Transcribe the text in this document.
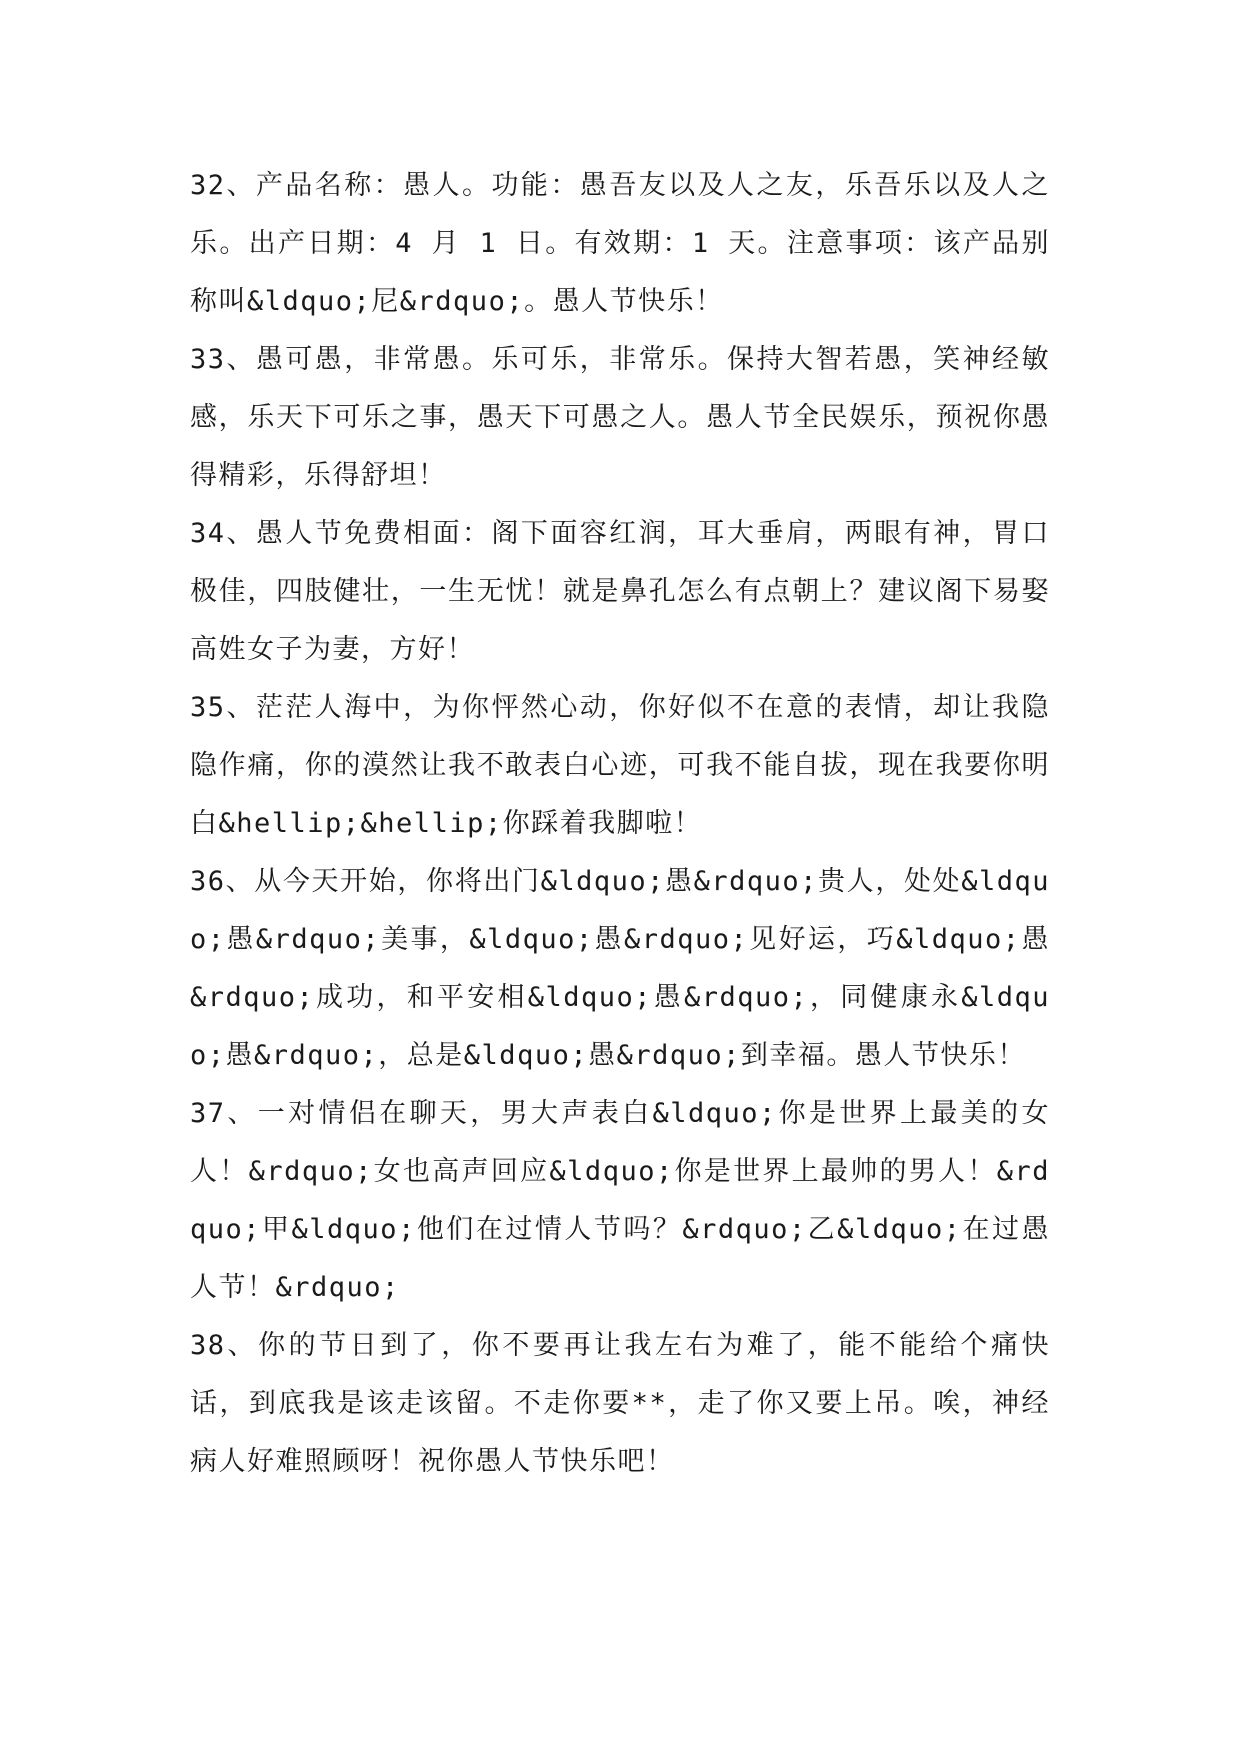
32、产品名称：愚人。功能：愚吾友以及人之友，乐吾乐以及人之乐。出产日期：4 月 1 日。有效期：1 天。注意事项：该产品别称叫&ldquo;尼&rdquo;。愚人节快乐！

33、愚可愚，非常愚。乐可乐，非常乐。保持大智若愚，笑神经敏感，乐天下可乐之事，愚天下可愚之人。愚人节全民娱乐，预祝你愚得精彩，乐得舒坦！

34、愚人节免费相面：阁下面容红润，耳大垂肩，两眼有神，胃口极佳，四肢健壮，一生无忧！就是鼻孔怎么有点朝上？建议阁下易娶高姓女子为妻，方好！

35、茫茫人海中，为你怦然心动，你好似不在意的表情，却让我隐隐作痛，你的漠然让我不敢表白心迹，可我不能自拔，现在我要你明白&hellip;&hellip;你踩着我脚啦！

36、从今天开始，你将出门&ldquo;愚&rdquo;贵人，处处&ldquo;愚&rdquo;美事，&ldquo;愚&rdquo;见好运，巧&ldquo;愚&rdquo;成功，和平安相&ldquo;愚&rdquo;，同健康永&ldquo;愚&rdquo;，总是&ldquo;愚&rdquo;到幸福。愚人节快乐！

37、一对情侣在聊天，男大声表白&ldquo;你是世界上最美的女人！&rdquo;女也高声回应&ldquo;你是世界上最帅的男人！&rdquo;甲&ldquo;他们在过情人节吗？&rdquo;乙&ldquo;在过愚人节！&rdquo;

38、你的节日到了，你不要再让我左右为难了，能不能给个痛快话，到底我是该走该留。不走你要**，走了你又要上吊。唉，神经病人好难照顾呀！祝你愚人节快乐吧！
